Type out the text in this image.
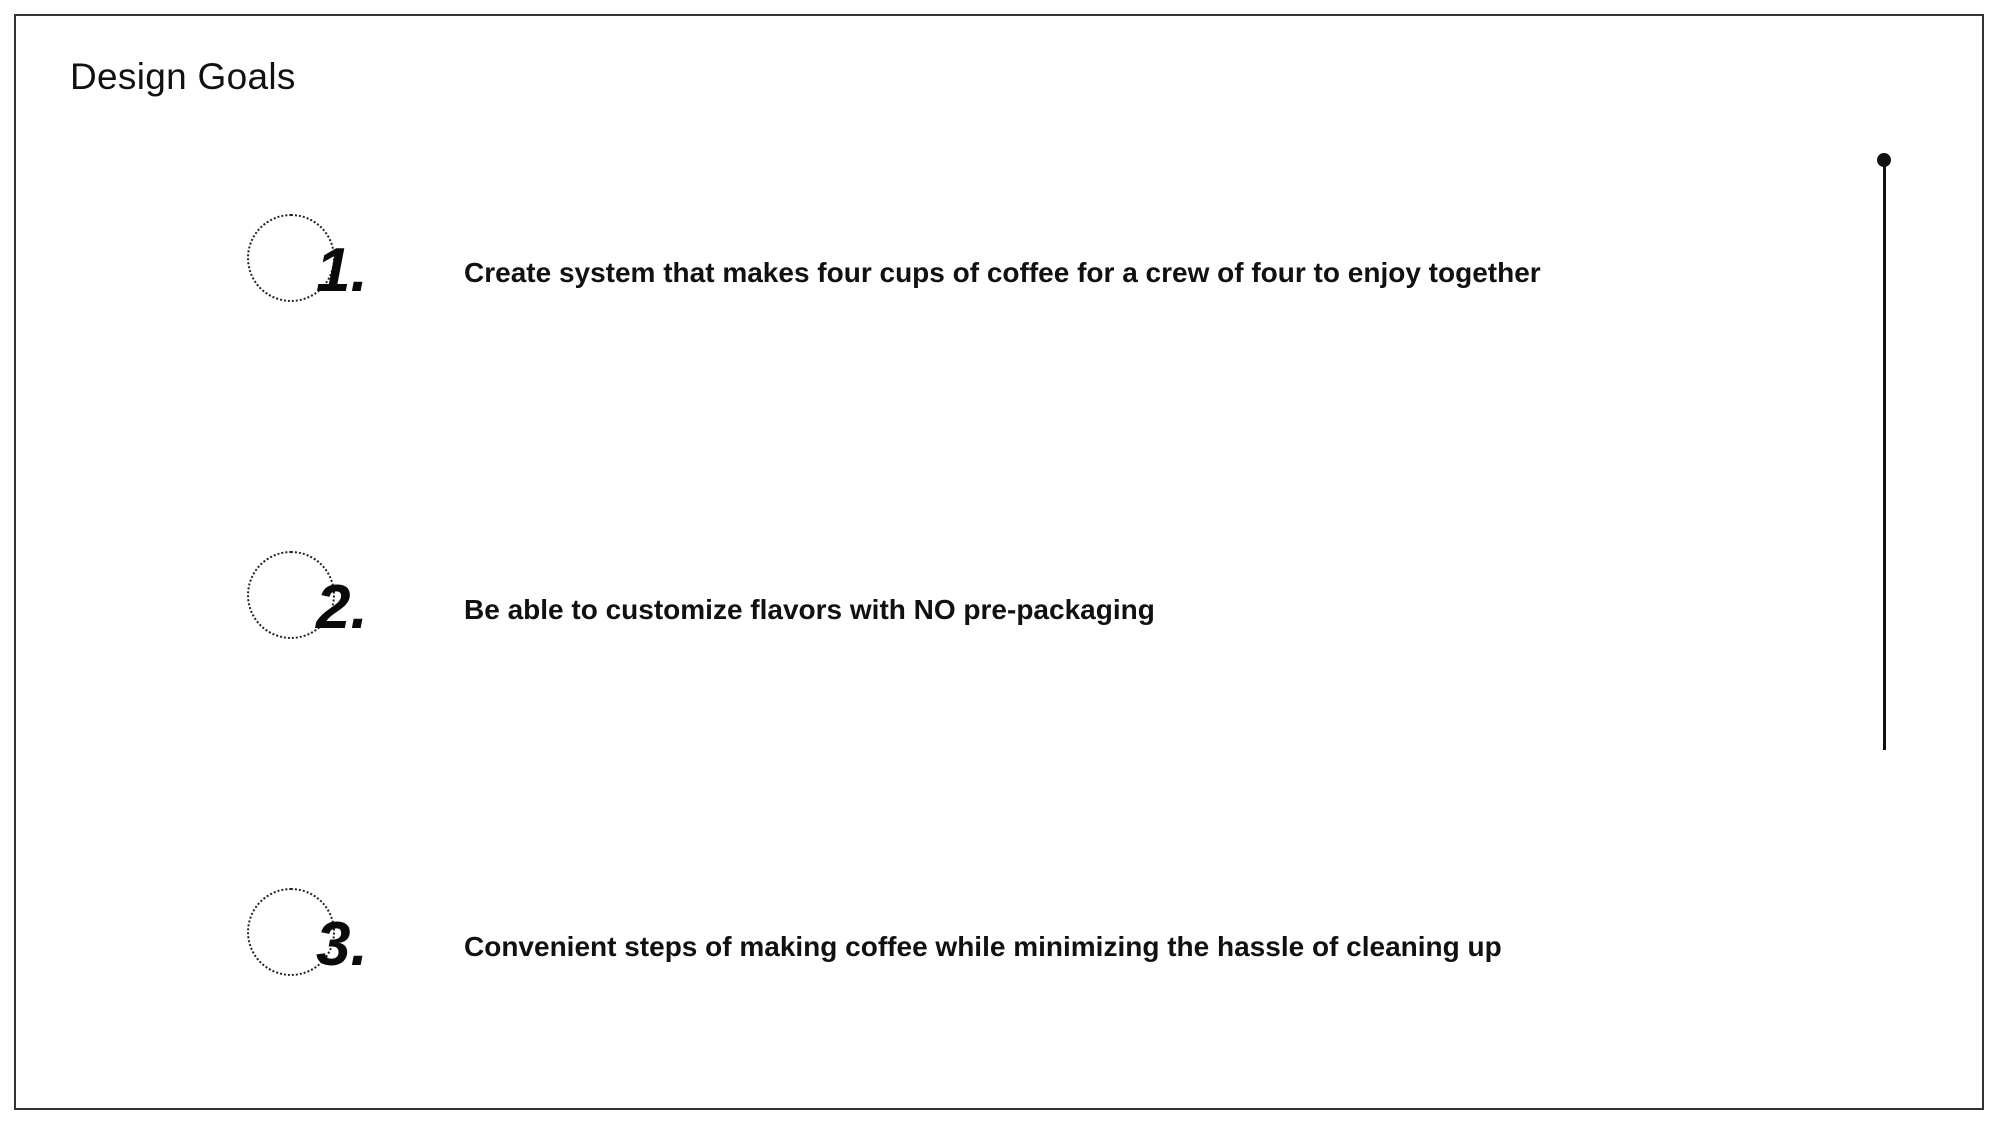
Design Goals
1.	Create system that makes four cups of coffee for a crew of four to enjoy together
2.	Be able to customize flavors with NO pre-packaging
3.	Convenient steps of making coffee while minimizing the hassle of cleaning up
